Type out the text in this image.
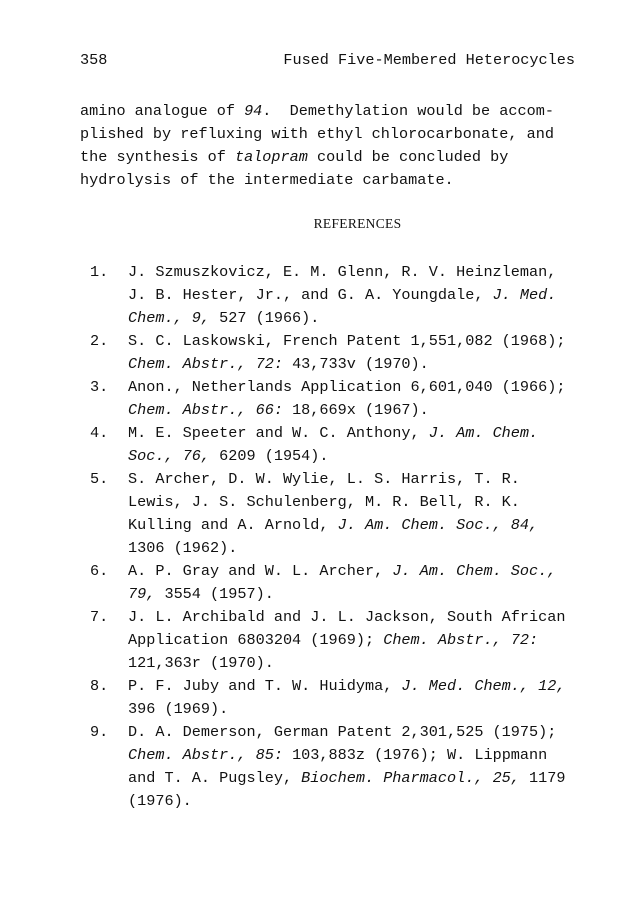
358	Fused Five-Membered Heterocycles
amino analogue of 94.  Demethylation would be accom-
plished by refluxing with ethyl chlorocarbonate, and
the synthesis of talopram could be concluded by
hydrolysis of the intermediate carbamate.
REFERENCES
1.	J. Szmuszkovicz, E. M. Glenn, R. V. Heinzleman,
J. B. Hester, Jr., and G. A. Youngdale, J. Med.
Chem., 9, 527 (1966).
2.	S. C. Laskowski, French Patent 1,551,082 (1968);
Chem. Abstr., 72: 43,733v (1970).
3.	Anon., Netherlands Application 6,601,040 (1966);
Chem. Abstr., 66: 18,669x (1967).
4.	M. E. Speeter and W. C. Anthony, J. Am. Chem.
Soc., 76, 6209 (1954).
5.	S. Archer, D. W. Wylie, L. S. Harris, T. R.
Lewis, J. S. Schulenberg, M. R. Bell, R. K.
Kulling and A. Arnold, J. Am. Chem. Soc., 84,
1306 (1962).
6.	A. P. Gray and W. L. Archer, J. Am. Chem. Soc.,
79, 3554 (1957).
7.	J. L. Archibald and J. L. Jackson, South African
Application 6803204 (1969); Chem. Abstr., 72:
121,363r (1970).
8.	P. F. Juby and T. W. Huidyma, J. Med. Chem., 12,
396 (1969).
9.	D. A. Demerson, German Patent 2,301,525 (1975);
Chem. Abstr., 85: 103,883z (1976); W. Lippmann
and T. A. Pugsley, Biochem. Pharmacol., 25, 1179
(1976).
